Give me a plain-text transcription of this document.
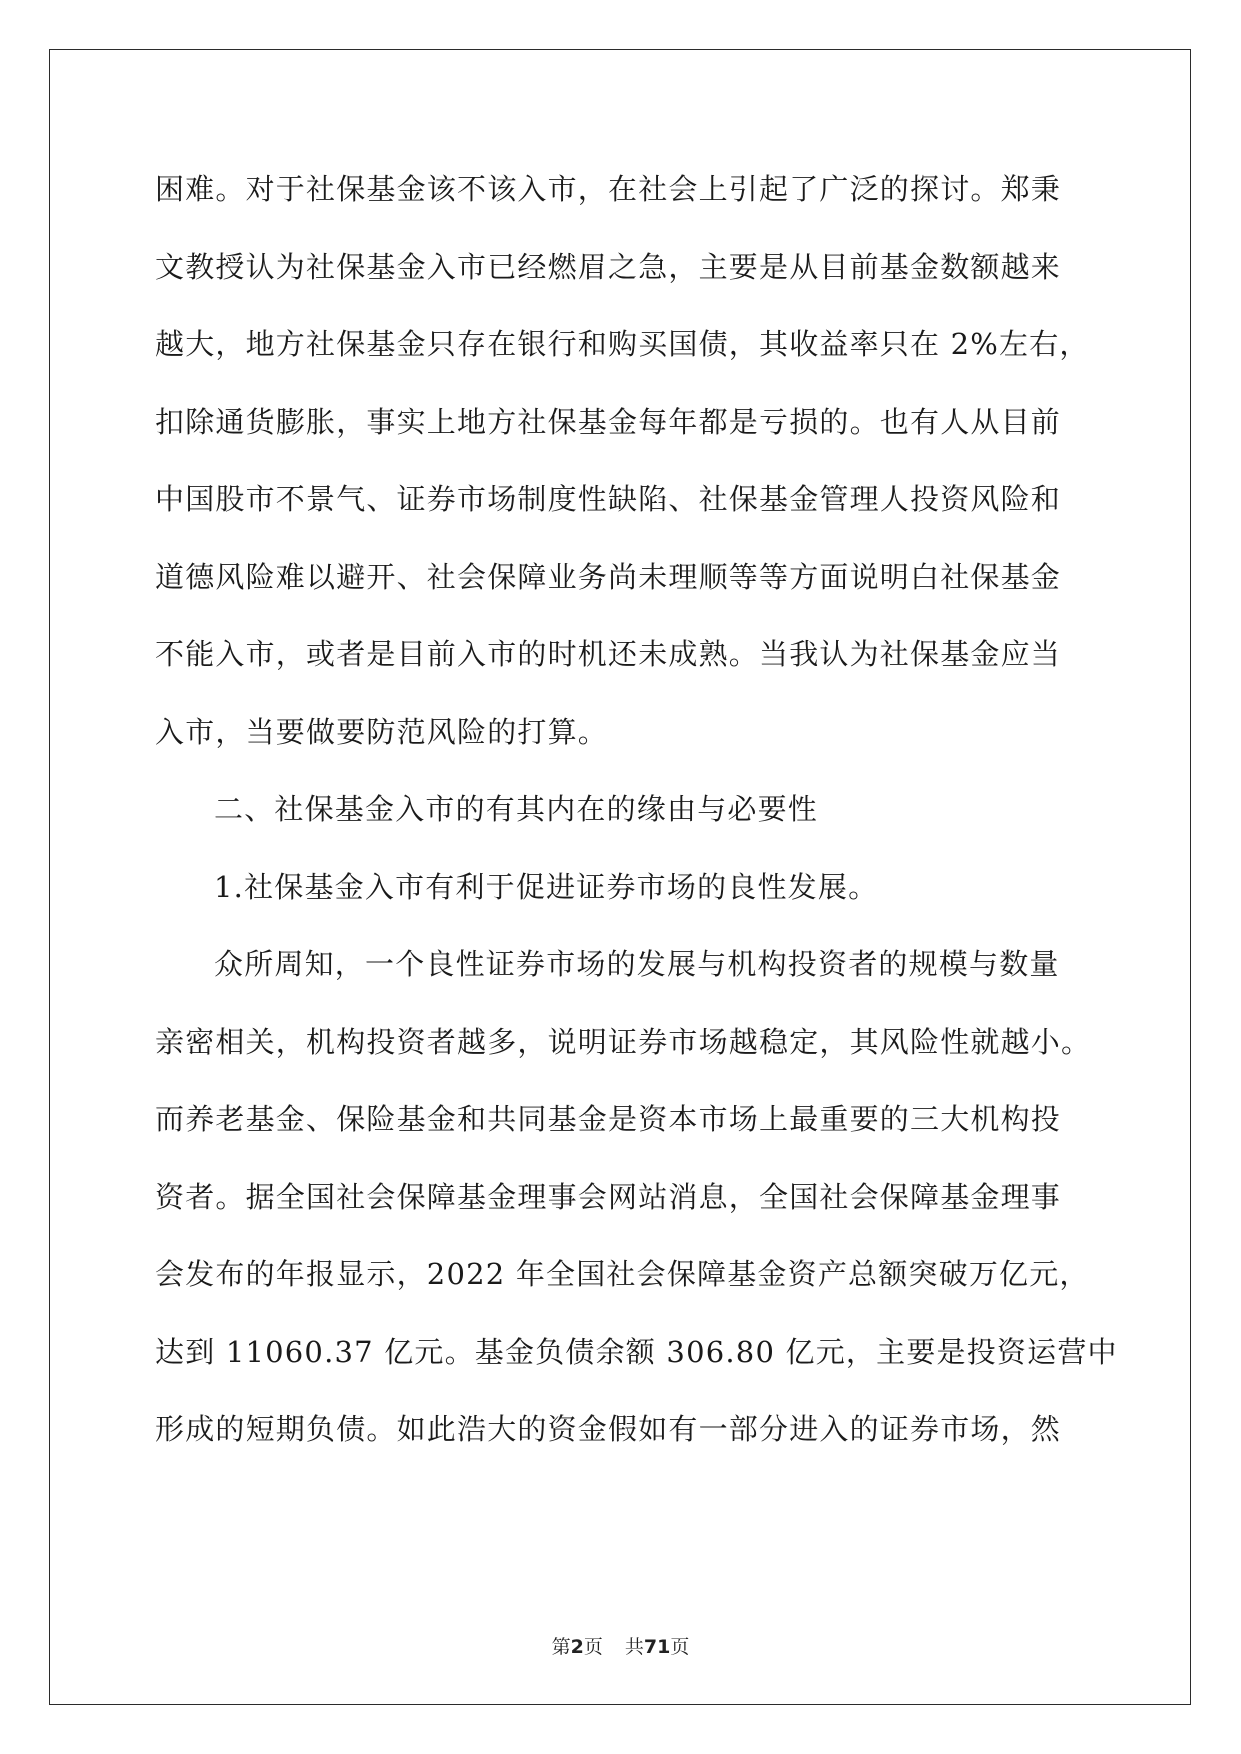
困难。对于社保基金该不该入市，在社会上引起了广泛的探讨。郑秉
文教授认为社保基金入市已经燃眉之急，主要是从目前基金数额越来
越大，地方社保基金只存在银行和购买国债，其收益率只在 2%左右，
扣除通货膨胀，事实上地方社保基金每年都是亏损的。也有人从目前
中国股市不景气、证券市场制度性缺陷、社保基金管理人投资风险和
道德风险难以避开、社会保障业务尚未理顺等等方面说明白社保基金
不能入市，或者是目前入市的时机还未成熟。当我认为社保基金应当
入市，当要做要防范风险的打算。
二、社保基金入市的有其内在的缘由与必要性
1.社保基金入市有利于促进证券市场的良性发展。
众所周知，一个良性证券市场的发展与机构投资者的规模与数量
亲密相关，机构投资者越多，说明证券市场越稳定，其风险性就越小。
而养老基金、保险基金和共同基金是资本市场上最重要的三大机构投
资者。据全国社会保障基金理事会网站消息，全国社会保障基金理事
会发布的年报显示，2022 年全国社会保障基金资产总额突破万亿元，
达到 11060.37 亿元。基金负债余额 306.80 亿元，主要是投资运营中
形成的短期负债。如此浩大的资金假如有一部分进入的证券市场，然
第2页 共71页
